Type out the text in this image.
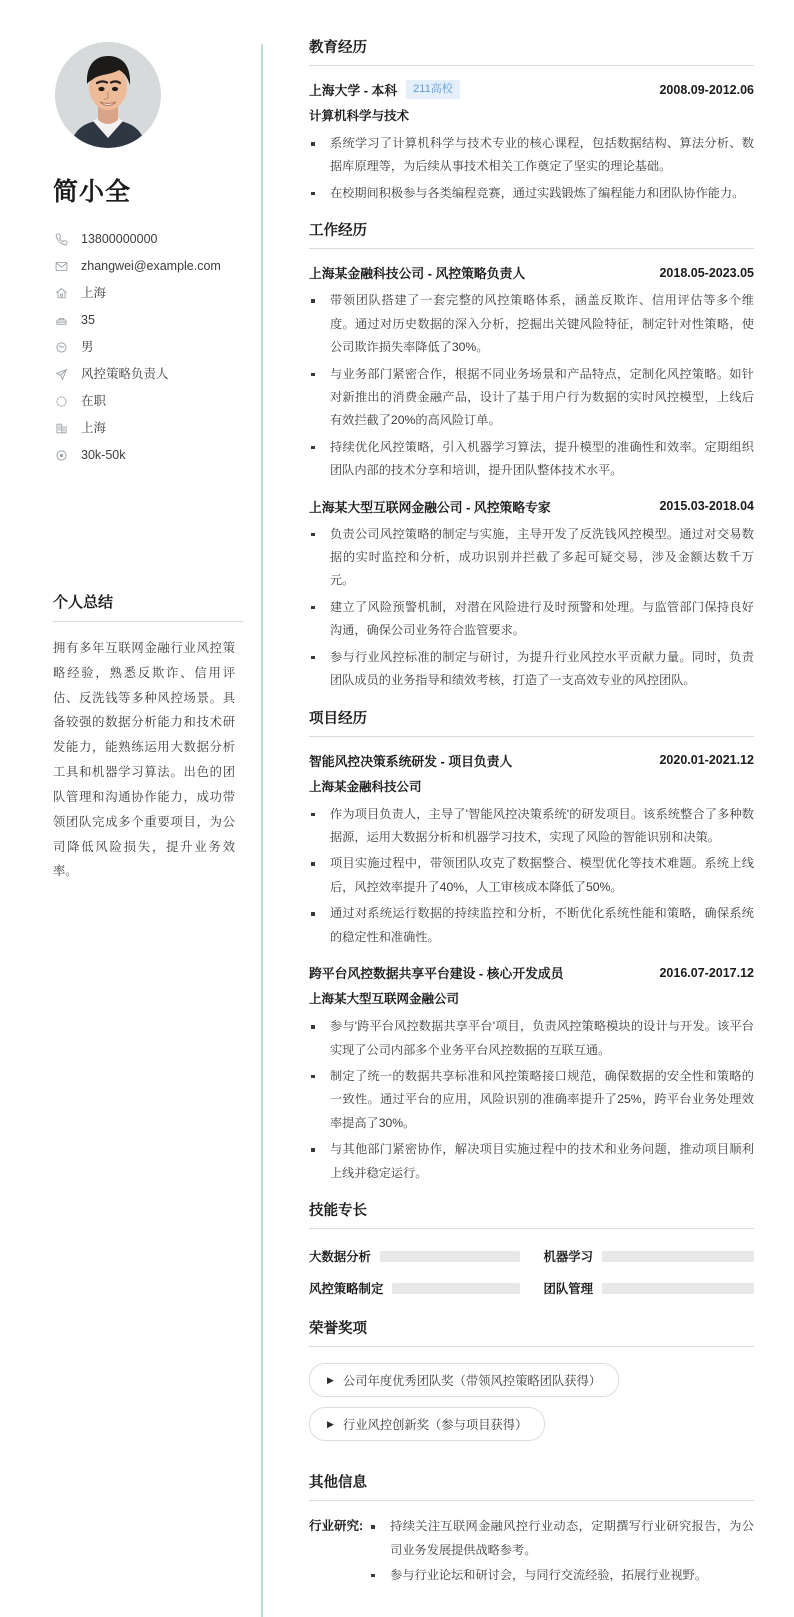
简小全
13800000000
zhangwei@example.com
上海
35
男
风控策略负责人
在职
上海
30k-50k
个人总结

拥有多年互联网金融行业风控策略经验，熟悉反欺诈、信用评估、反洗钱等多种风控场景。具备较强的数据分析能力和技术研发能力，能熟练运用大数据分析工具和机器学习算法。出色的团队管理和沟通协作能力，成功带领团队完成多个重要项目，为公司降低风险损失，提升业务效率。

教育经历
上海大学 - 本科	211高校	2008.09-2012.06
计算机科学与技术
系统学习了计算机科学与技术专业的核心课程，包括数据结构、算法分析、数据库原理等，为后续从事技术相关工作奠定了坚实的理论基础。
在校期间积极参与各类编程竞赛，通过实践锻炼了编程能力和团队协作能力。
工作经历
上海某金融科技公司 - 风控策略负责人	2018.05-2023.05
带领团队搭建了一套完整的风控策略体系，涵盖反欺诈、信用评估等多个维度。通过对历史数据的深入分析，挖掘出关键风险特征，制定针对性策略，使公司欺诈损失率降低了30%。
与业务部门紧密合作，根据不同业务场景和产品特点，定制化风控策略。如针对新推出的消费金融产品，设计了基于用户行为数据的实时风控模型，上线后有效拦截了20%的高风险订单。
持续优化风控策略，引入机器学习算法，提升模型的准确性和效率。定期组织团队内部的技术分享和培训，提升团队整体技术水平。
上海某大型互联网金融公司 - 风控策略专家	2015.03-2018.04
负责公司风控策略的制定与实施，主导开发了反洗钱风控模型。通过对交易数据的实时监控和分析，成功识别并拦截了多起可疑交易，涉及金额达数千万元。
建立了风险预警机制，对潜在风险进行及时预警和处理。与监管部门保持良好沟通，确保公司业务符合监管要求。
参与行业风控标准的制定与研讨，为提升行业风控水平贡献力量。同时，负责团队成员的业务指导和绩效考核，打造了一支高效专业的风控团队。
项目经历
智能风控决策系统研发 - 项目负责人	2020.01-2021.12
上海某金融科技公司
作为项目负责人，主导了'智能风控决策系统'的研发项目。该系统整合了多种数据源，运用大数据分析和机器学习技术，实现了风险的智能识别和决策。
项目实施过程中，带领团队攻克了数据整合、模型优化等技术难题。系统上线后，风控效率提升了40%，人工审核成本降低了50%。
通过对系统运行数据的持续监控和分析，不断优化系统性能和策略，确保系统的稳定性和准确性。
跨平台风控数据共享平台建设 - 核心开发成员	2016.07-2017.12
上海某大型互联网金融公司
参与'跨平台风控数据共享平台'项目，负责风控策略模块的设计与开发。该平台实现了公司内部多个业务平台风控数据的互联互通。
制定了统一的数据共享标准和风控策略接口规范，确保数据的安全性和策略的一致性。通过平台的应用，风险识别的准确率提升了25%，跨平台业务处理效率提高了30%。
与其他部门紧密协作，解决项目实施过程中的技术和业务问题，推动项目顺利上线并稳定运行。
技能专长
大数据分析	机器学习
风控策略制定	团队管理
荣誉奖项
▶ 公司年度优秀团队奖（带领风控策略团队获得）
▶ 行业风控创新奖（参与项目获得）
其他信息
行业研究:	持续关注互联网金融风控行业动态，定期撰写行业研究报告，为公司业务发展提供战略参考。
参与行业论坛和研讨会，与同行交流经验，拓展行业视野。
